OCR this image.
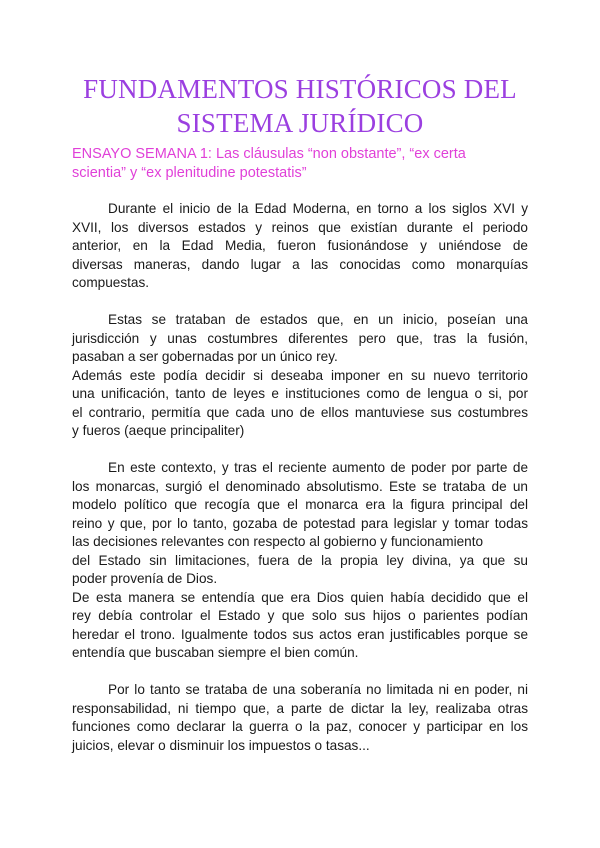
FUNDAMENTOS HISTÓRICOS DEL
SISTEMA JURÍDICO
ENSAYO SEMANA 1: Las cláusulas “non obstante”, “ex certa
scientia” y “ex plenitudine potestatis”
Durante el inicio de la Edad Moderna, en torno a los siglos XVI y
XVII, los diversos estados y reinos que existían durante el periodo
anterior, en la Edad Media, fueron fusionándose y uniéndose de
diversas maneras, dando lugar a las conocidas como monarquías
compuestas.
Estas se trataban de estados que, en un inicio, poseían una
jurisdicción y unas costumbres diferentes pero que, tras la fusión,
pasaban a ser gobernadas por un único rey.
Además este podía decidir si deseaba imponer en su nuevo territorio
una unificación, tanto de leyes e instituciones como de lengua o si, por
el contrario, permitía que cada uno de ellos mantuviese sus costumbres
y fueros (aeque principaliter)
En este contexto, y tras el reciente aumento de poder por parte de
los monarcas, surgió el denominado absolutismo. Este se trataba de un
modelo político que recogía que el monarca era la figura principal del
reino y que, por lo tanto, gozaba de potestad para legislar y tomar todas
las decisiones relevantes con respecto al gobierno y funcionamiento
del Estado sin limitaciones, fuera de la propia ley divina, ya que su
poder provenía de Dios.
De esta manera se entendía que era Dios quien había decidido que el
rey debía controlar el Estado y que solo sus hijos o parientes podían
heredar el trono. Igualmente todos sus actos eran justificables porque se
entendía que buscaban siempre el bien común.
Por lo tanto se trataba de una soberanía no limitada ni en poder, ni
responsabilidad, ni tiempo que, a parte de dictar la ley, realizaba otras
funciones como declarar la guerra o la paz, conocer y participar en los
juicios, elevar o disminuir los impuestos o tasas...
